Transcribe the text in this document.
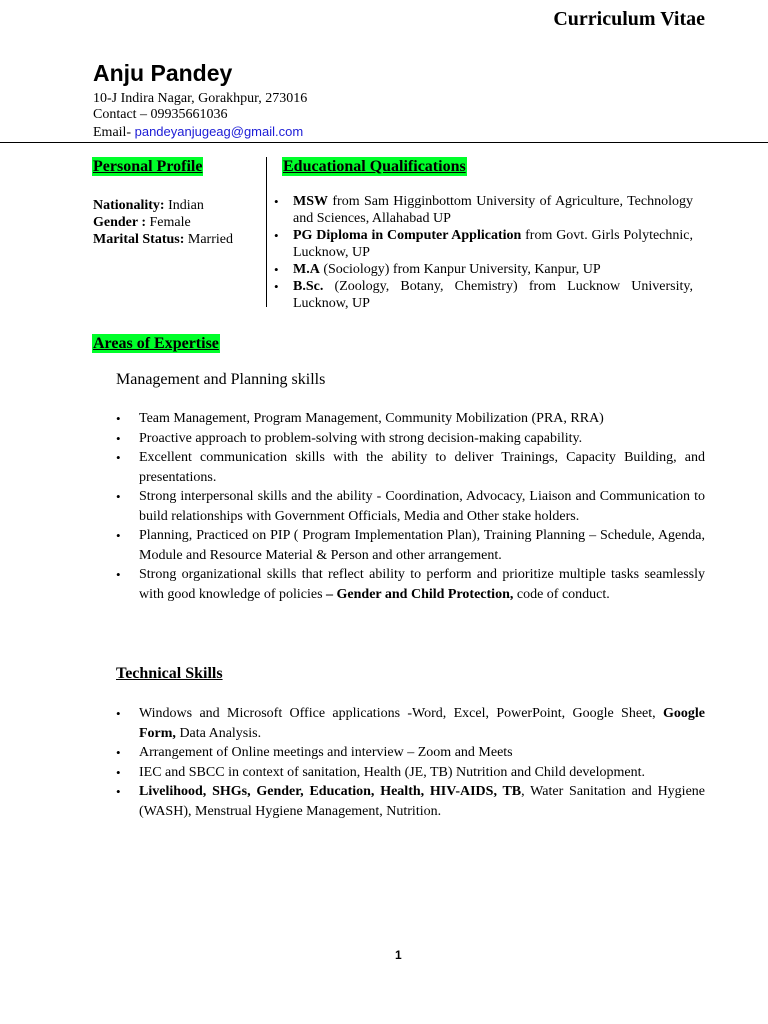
Curriculum Vitae
Anju Pandey
10-J Indira Nagar, Gorakhpur, 273016
Contact – 09935661036
Email- pandeyanjugeag@gmail.com
Personal Profile
Nationality: Indian
Gender : Female
Marital Status: Married
Educational Qualifications
• MSW from Sam Higginbottom University of Agriculture, Technology and Sciences, Allahabad UP
• PG Diploma in Computer Application from Govt. Girls Polytechnic, Lucknow, UP
• M.A (Sociology) from Kanpur University, Kanpur, UP
• B.Sc. (Zoology, Botany, Chemistry) from Lucknow University, Lucknow, UP
Areas of Expertise
Management and Planning skills
• Team Management, Program Management, Community Mobilization (PRA, RRA)
• Proactive approach to problem-solving with strong decision-making capability.
• Excellent communication skills with the ability to deliver Trainings, Capacity Building, and presentations.
• Strong interpersonal skills and the ability - Coordination, Advocacy, Liaison and Communication to build relationships with Government Officials, Media and Other stake holders.
• Planning, Practiced on PIP ( Program Implementation Plan), Training Planning – Schedule, Agenda, Module and Resource Material & Person and other arrangement.
• Strong organizational skills that reflect ability to perform and prioritize multiple tasks seamlessly with good knowledge of policies – Gender and Child Protection, code of conduct.
Technical Skills
• Windows and Microsoft Office applications -Word, Excel, PowerPoint, Google Sheet, Google Form, Data Analysis.
• Arrangement of Online meetings and interview – Zoom and Meets
• IEC and SBCC in context of sanitation, Health (JE, TB) Nutrition and Child development.
• Livelihood, SHGs, Gender, Education, Health, HIV-AIDS, TB, Water Sanitation and Hygiene (WASH), Menstrual Hygiene Management, Nutrition.
1
